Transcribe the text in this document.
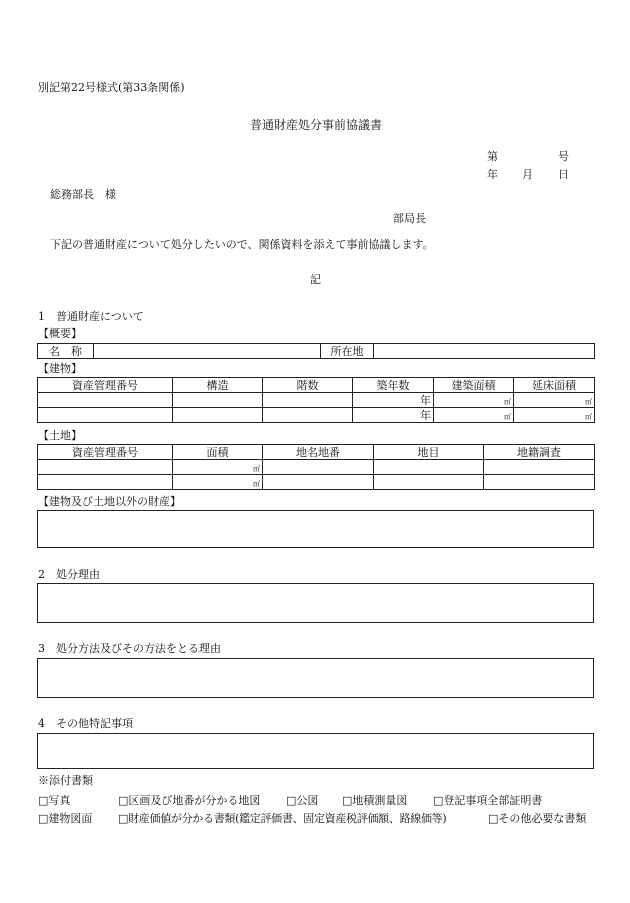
別記第22号様式(第33条関係)
普通財産処分事前協議書
第	号
年 月 日
総務部長　様
部局長
下記の普通財産について処分したいので、関係資料を添えて事前協議します。
記
1　普通財産について
【概要】
名　称		所在地	
【建物】
資産管理番号	構造	階数	築年数	建築面積	延床面積
			年	㎡	㎡
			年	㎡	㎡
【土地】
資産管理番号	面積	地名地番	地目	地籍調査
	㎡			
	㎡			
【建物及び土地以外の財産】
2　処分理由
3　処分方法及びその方法をとる理由
4　その他特記事項
※添付書類
□写真	□区画及び地番が分かる地図 □公図 □地積測量図 □登記事項全部証明書
□建物図面 □財産価値が分かる書類(鑑定評価書、固定資産税評価額、路線価等)	□その他必要な書類
